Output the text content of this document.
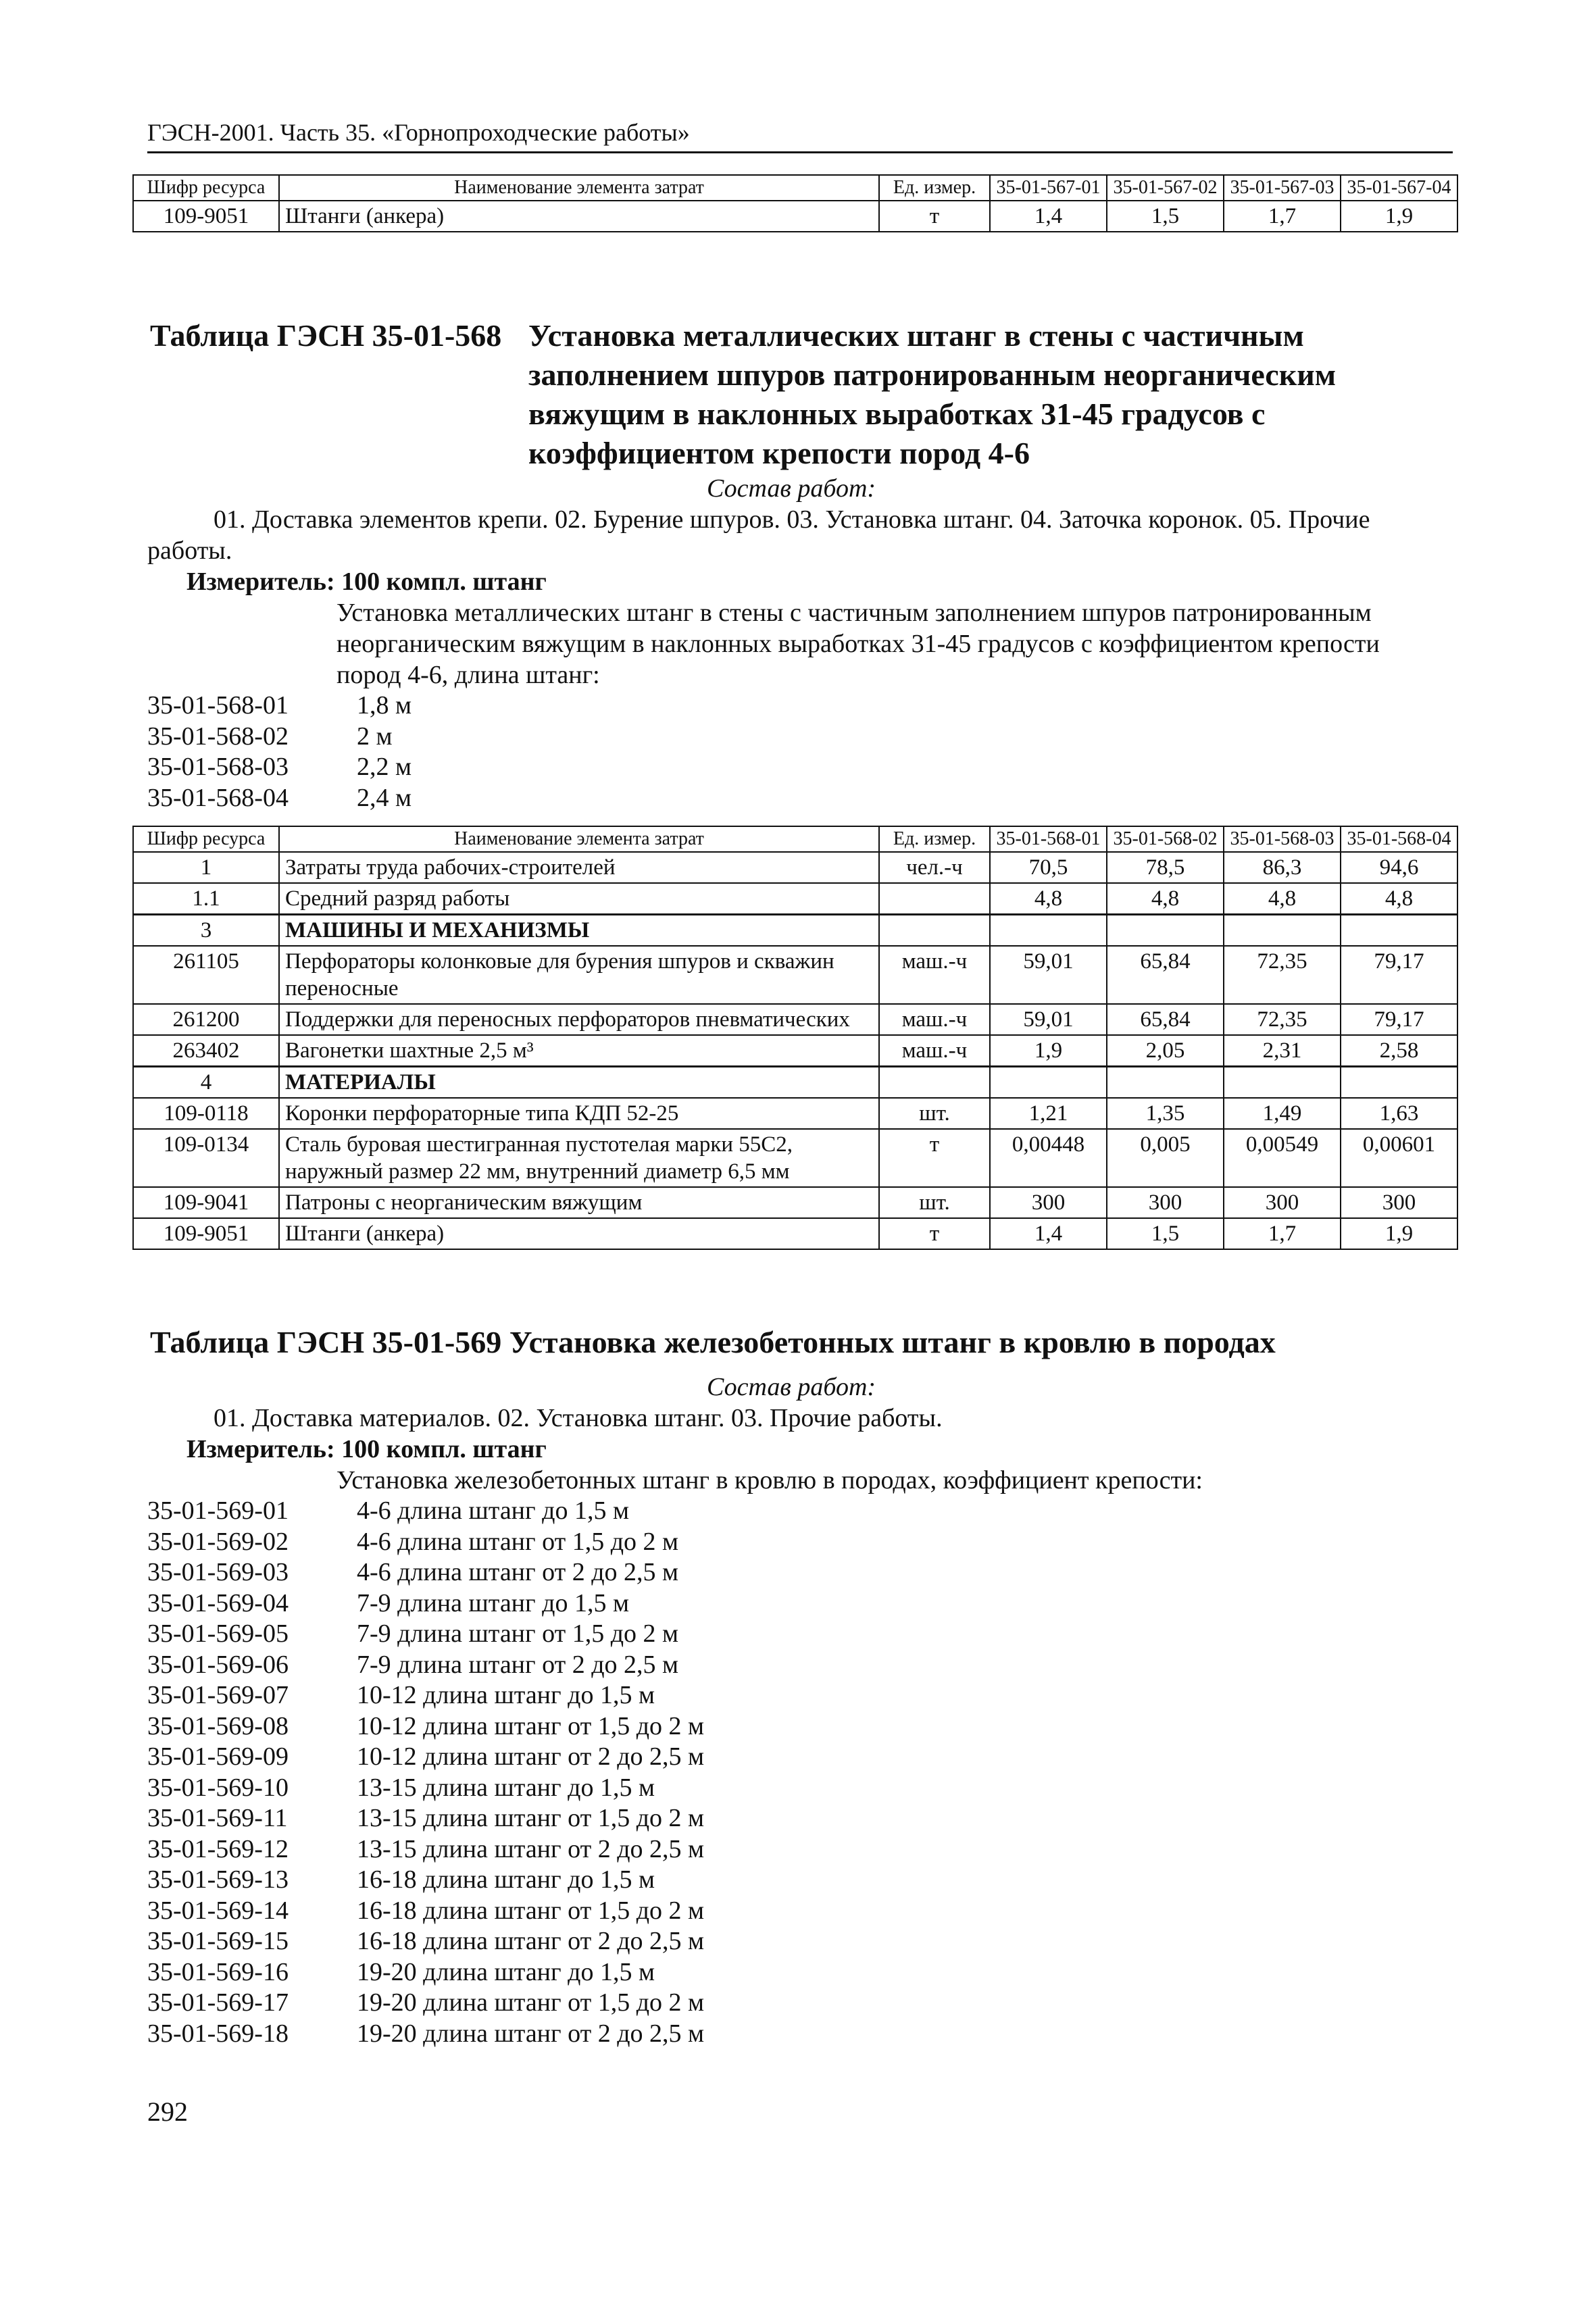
ГЭСН-2001. Часть 35. «Горнопроходческие работы»
Шифр ресурса	Наименование элемента затрат	Ед. измер.	35-01-567-01	35-01-567-02	35-01-567-03	35-01-567-04
109-9051	Штанги (анкера)	т	1,4	1,5	1,7	1,9
Таблица ГЭСН 35-01-568 Установка металлических штанг в стены с частичным заполнением шпуров патронированным неорганическим вяжущим в наклонных выработках 31-45 градусов с коэффициентом крепости пород 4-6
Состав работ:
01. Доставка элементов крепи. 02. Бурение шпуров. 03. Установка штанг. 04. Заточка коронок. 05. Прочие работы.
Измеритель: 100 компл. штанг
Установка металлических штанг в стены с частичным заполнением шпуров патронированным неорганическим вяжущим в наклонных выработках 31-45 градусов с коэффициентом крепости пород 4-6, длина штанг:
35-01-568-01	1,8 м
35-01-568-02	2 м
35-01-568-03	2,2 м
35-01-568-04	2,4 м
Шифр ресурса	Наименование элемента затрат	Ед. измер.	35-01-568-01	35-01-568-02	35-01-568-03	35-01-568-04
1	Затраты труда рабочих-строителей	чел.-ч	70,5	78,5	86,3	94,6
1.1	Средний разряд работы		4,8	4,8	4,8	4,8
3	МАШИНЫ И МЕХАНИЗМЫ					
261105	Перфораторы колонковые для бурения шпуров и скважин переносные	маш.-ч	59,01	65,84	72,35	79,17
261200	Поддержки для переносных перфораторов пневматических	маш.-ч	59,01	65,84	72,35	79,17
263402	Вагонетки шахтные 2,5 м³	маш.-ч	1,9	2,05	2,31	2,58
4	МАТЕРИАЛЫ					
109-0118	Коронки перфораторные типа КДП 52-25	шт.	1,21	1,35	1,49	1,63
109-0134	Сталь буровая шестигранная пустотелая марки 55С2, наружный размер 22 мм, внутренний диаметр 6,5 мм	т	0,00448	0,005	0,00549	0,00601
109-9041	Патроны с неорганическим вяжущим	шт.	300	300	300	300
109-9051	Штанги (анкера)	т	1,4	1,5	1,7	1,9
Таблица ГЭСН 35-01-569 Установка железобетонных штанг в кровлю в породах
Состав работ:
01. Доставка материалов. 02. Установка штанг. 03. Прочие работы.
Измеритель: 100 компл. штанг
Установка железобетонных штанг в кровлю в породах, коэффициент крепости:
35-01-569-01	4-6 длина штанг до 1,5 м
35-01-569-02	4-6 длина штанг от 1,5 до 2 м
35-01-569-03	4-6 длина штанг от 2 до 2,5 м
35-01-569-04	7-9 длина штанг до 1,5 м
35-01-569-05	7-9 длина штанг от 1,5 до 2 м
35-01-569-06	7-9 длина штанг от 2 до 2,5 м
35-01-569-07	10-12 длина штанг до 1,5 м
35-01-569-08	10-12 длина штанг от 1,5 до 2 м
35-01-569-09	10-12 длина штанг от 2 до 2,5 м
35-01-569-10	13-15 длина штанг до 1,5 м
35-01-569-11	13-15 длина штанг от 1,5 до 2 м
35-01-569-12	13-15 длина штанг от 2 до 2,5 м
35-01-569-13	16-18 длина штанг до 1,5 м
35-01-569-14	16-18 длина штанг от 1,5 до 2 м
35-01-569-15	16-18 длина штанг от 2 до 2,5 м
35-01-569-16	19-20 длина штанг до 1,5 м
35-01-569-17	19-20 длина штанг от 1,5 до 2 м
35-01-569-18	19-20 длина штанг от 2 до 2,5 м
292
